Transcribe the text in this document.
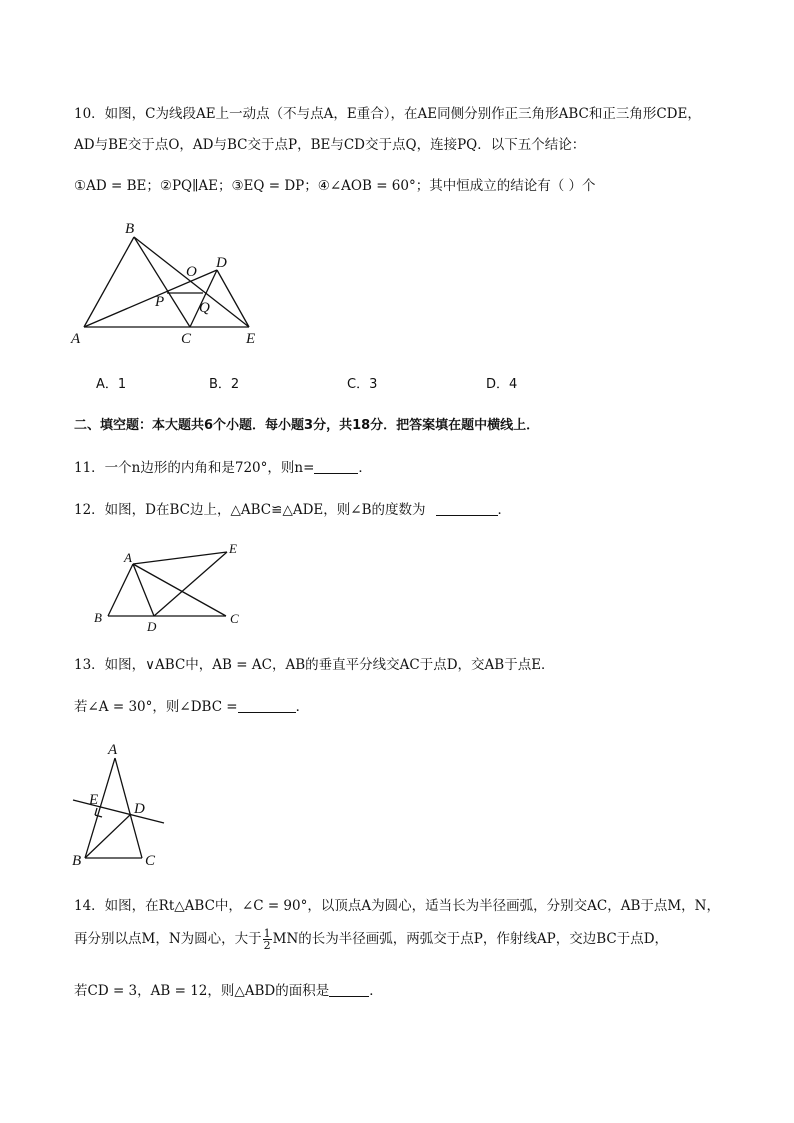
10．如图，C为线段AE上一动点（不与点A，E重合），在AE同侧分别作正三角形ABC和正三角形CDE，
AD与BE交于点O，AD与BC交于点P，BE与CD交于点Q，连接PQ．以下五个结论：
①AD = BE；②PQ∥AE；③EQ = DP；④∠AOB = 60°；其中恒成立的结论有（ ）个
B
O
D
P Q
A	C	E
A．1	B．2	C．3	D．4
二、填空题：本大题共6个小题．每小题3分，共18分．把答案填在题中横线上．
11．一个n边形的内角和是720°，则n=	．
12．如图，D在BC边上，△ABC≌△ADE，则∠B的度数为	．
A
E
B
D
C
13．如图，∨ABC中，AB = AC，AB的垂直平分线交AC于点D，交AB于点E．
若∠A = 30°，则∠DBC =	．
A
E
D
B	C
14．如图，在Rt△ABC中，∠C = 90°，以顶点A为圆心，适当长为半径画弧，分别交AC，AB于点M，N，
再分别以点M，N为圆心，大于 $\frac{1}{2}$ MN的长为半径画弧，两弧交于点P，作射线AP，交边BC于点D，
若CD = 3，AB = 12，则△ABD的面积是	．
